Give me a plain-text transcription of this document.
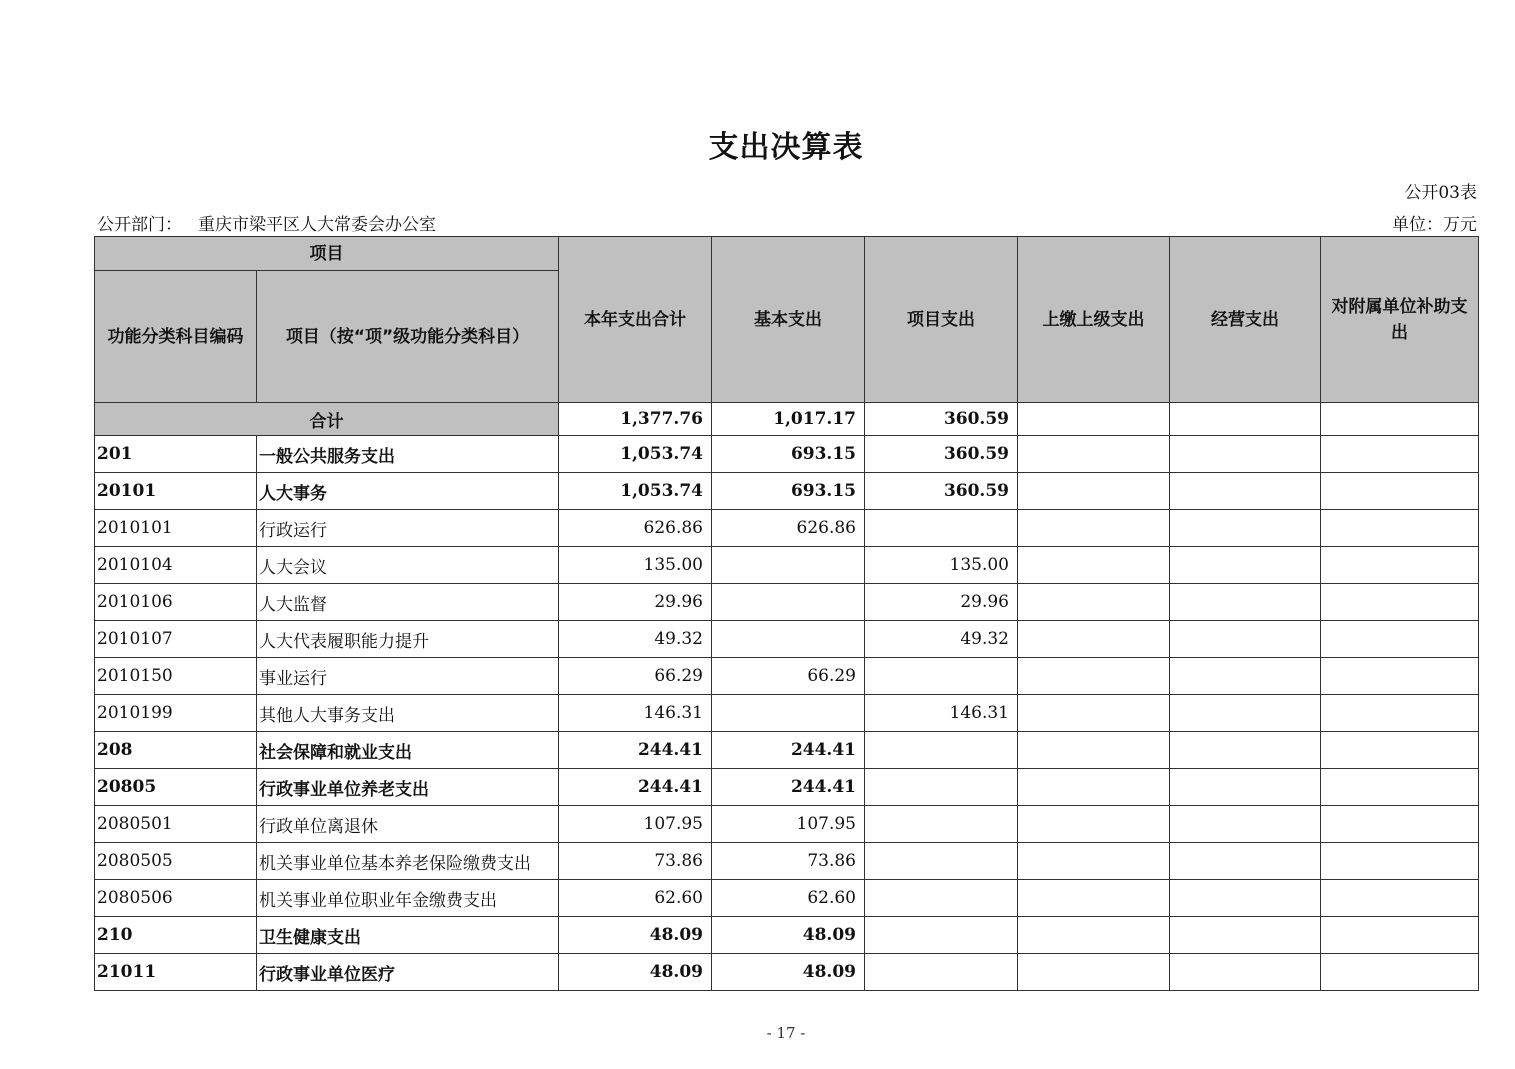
支出决算表
公开03表
公开部门： 重庆市梁平区人大常委会办公室	单位：万元
项目		本年支出合计	基本支出	项目支出	上缴上级支出	经营支出	对附属单位补助支出
功能分类科目编码	项目（按“项”级功能分类科目）						
合计		1,377.76	1,017.17	360.59			
201	一般公共服务支出	1,053.74	693.15	360.59			
20101	人大事务	1,053.74	693.15	360.59			
2010101	行政运行	626.86	626.86				
2010104	人大会议	135.00		135.00			
2010106	人大监督	29.96		29.96			
2010107	人大代表履职能力提升	49.32		49.32			
2010150	事业运行	66.29	66.29				
2010199	其他人大事务支出	146.31		146.31			
208	社会保障和就业支出	244.41	244.41				
20805	行政事业单位养老支出	244.41	244.41				
2080501	行政单位离退休	107.95	107.95				
2080505	机关事业单位基本养老保险缴费支出	73.86	73.86				
2080506	机关事业单位职业年金缴费支出	62.60	62.60				
210	卫生健康支出	48.09	48.09				
21011	行政事业单位医疗	48.09	48.09				
- 17 -
